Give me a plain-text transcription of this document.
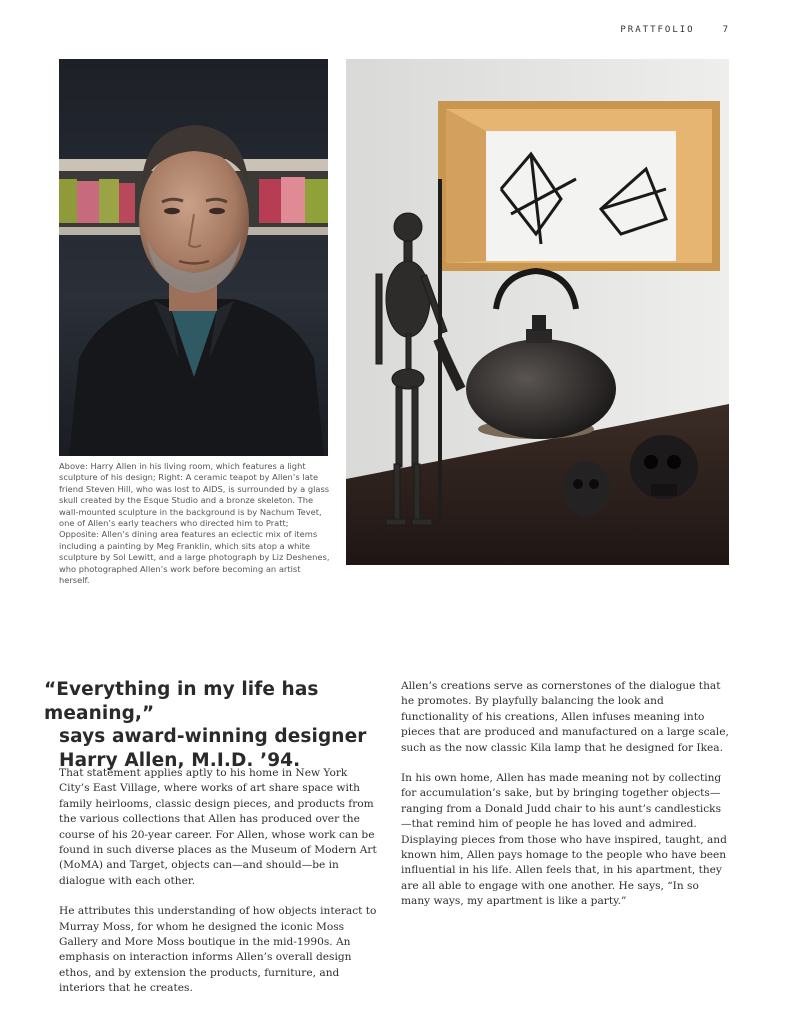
PRATTFOLIO	7

Above: Harry Allen in his living room, which features a light sculpture of his design; Right: A ceramic teapot by Allen’s late friend Steven Hill, who was lost to AIDS, is surrounded by a glass skull created by the Esque Studio and a bronze skeleton. The wall-mounted sculpture in the background is by Nachum Tevet, one of Allen’s early teachers who directed him to Pratt; Opposite: Allen’s dining area features an eclectic mix of items including a painting by Meg Franklin, which sits atop a white sculpture by Sol Lewitt, and a large photograph by Liz Deshenes, who photographed Allen’s work before becoming an artist herself.

“Everything in my life has meaning,”
says award-winning designer
Harry Allen, M.I.D. ’94.

That statement applies aptly to his home in New York City’s East Village, where works of art share space with family heirlooms, classic design pieces, and products from the various collections that Allen has produced over the course of his 20-year career. For Allen, whose work can be found in such diverse places as the Museum of Modern Art (MoMA) and Target, objects can—and should—be in dialogue with each other.

He attributes this understanding of how objects interact to Murray Moss, for whom he designed the iconic Moss Gallery and More Moss boutique in the mid-1990s. An emphasis on interaction informs Allen’s overall design ethos, and by extension the products, furniture, and interiors that he creates.

Allen’s creations serve as cornerstones of the dialogue that he promotes. By playfully balancing the look and functionality of his creations, Allen infuses meaning into pieces that are produced and manufactured on a large scale, such as the now classic Kila lamp that he designed for Ikea.

In his own home, Allen has made meaning not by collecting for accumulation’s sake, but by bringing together objects—ranging from a Donald Judd chair to his aunt’s candlesticks—that remind him of people he has loved and admired. Displaying pieces from those who have inspired, taught, and known him, Allen pays homage to the people who have been influential in his life. Allen feels that, in his apartment, they are all able to engage with one another. He says, “In so many ways, my apartment is like a party.”
